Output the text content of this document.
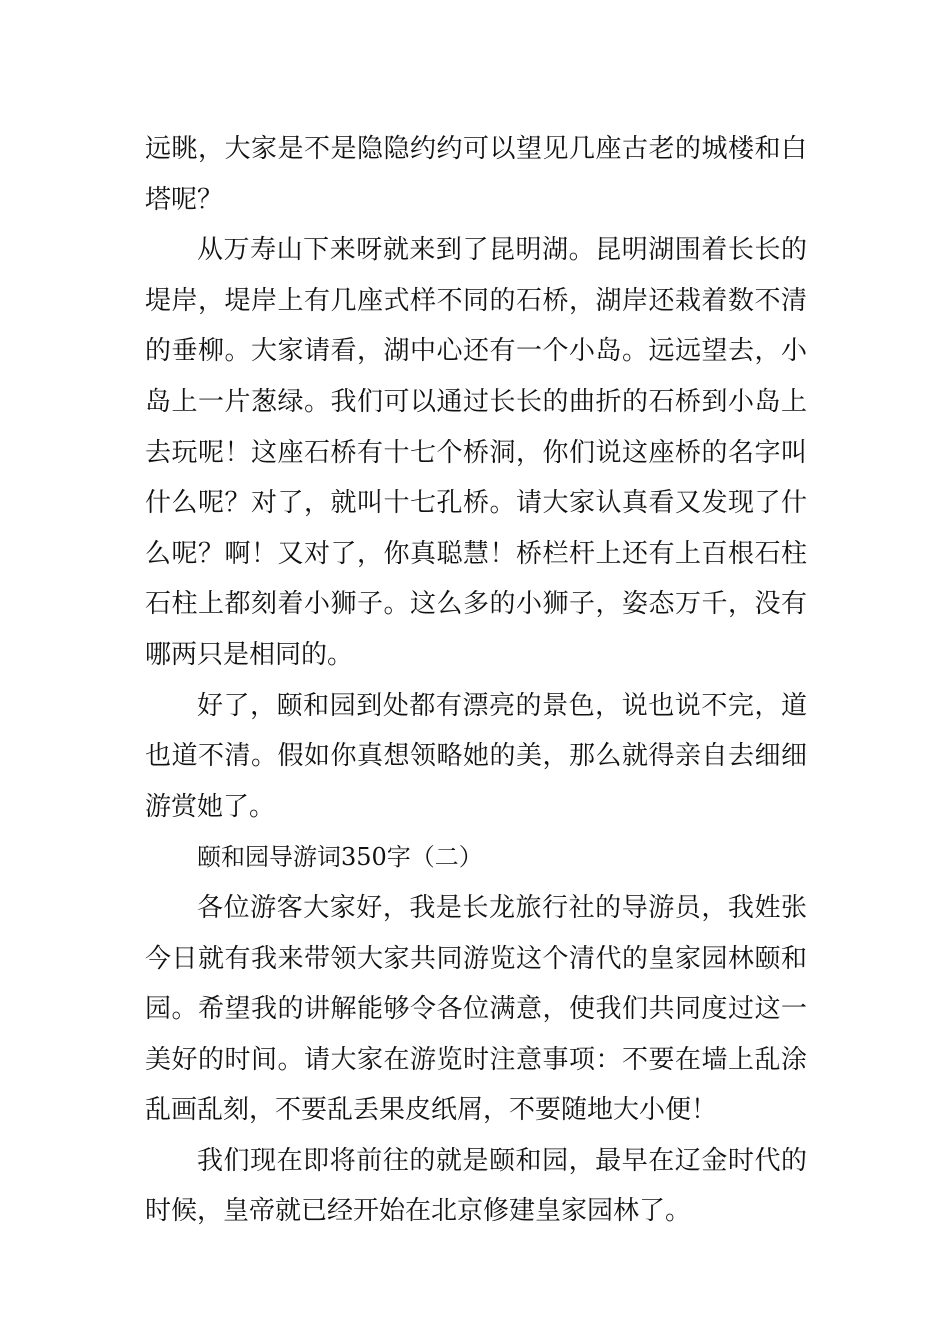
远眺，大家是不是隐隐约约可以望见几座古老的城楼和白
塔呢？
从万寿山下来呀就来到了昆明湖。昆明湖围着长长的
堤岸，堤岸上有几座式样不同的石桥，湖岸还栽着数不清
的垂柳。大家请看，湖中心还有一个小岛。远远望去，小
岛上一片葱绿。我们可以通过长长的曲折的石桥到小岛上
去玩呢！这座石桥有十七个桥洞，你们说这座桥的名字叫
什么呢？对了，就叫十七孔桥。请大家认真看又发现了什
么呢？啊！又对了，你真聪慧！桥栏杆上还有上百根石柱
石柱上都刻着小狮子。这么多的小狮子，姿态万千，没有
哪两只是相同的。
好了，颐和园到处都有漂亮的景色，说也说不完，道
也道不清。假如你真想领略她的美，那么就得亲自去细细
游赏她了。
颐和园导游词350字（二）
各位游客大家好，我是长龙旅行社的导游员，我姓张
今日就有我来带领大家共同游览这个清代的皇家园林颐和
园。希望我的讲解能够令各位满意，使我们共同度过这一
美好的时间。请大家在游览时注意事项：不要在墙上乱涂
乱画乱刻，不要乱丢果皮纸屑，不要随地大小便！
我们现在即将前往的就是颐和园，最早在辽金时代的
时候，皇帝就已经开始在北京修建皇家园林了。
